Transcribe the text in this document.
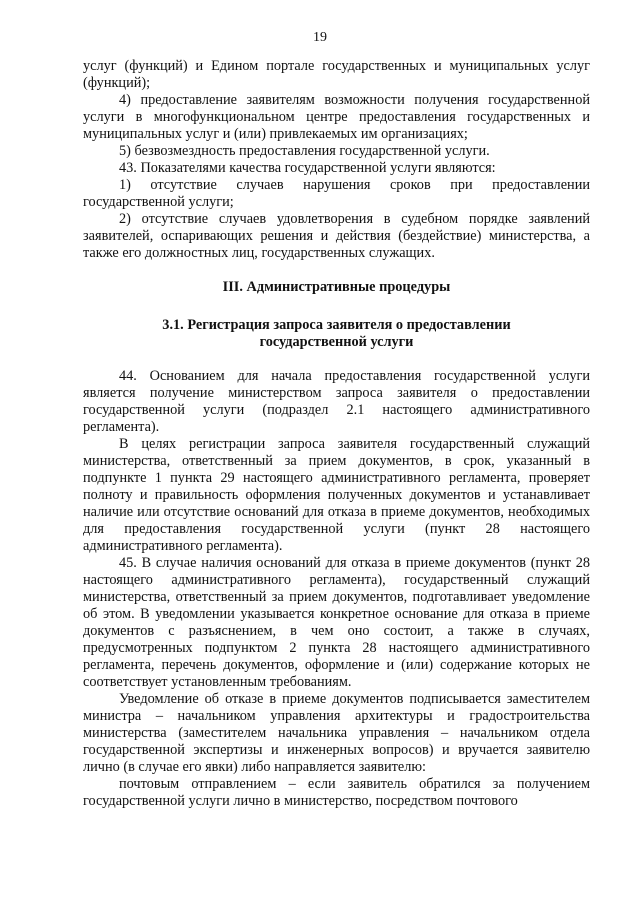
19

услуг (функций) и Едином портале государственных и муниципальных услуг (функций);

4) предоставление заявителям возможности получения государственной услуги в многофункциональном центре предоставления государственных и муниципальных услуг и (или) привлекаемых им организациях;

5) безвозмездность предоставления государственной услуги.

43. Показателями качества государственной услуги являются:

1) отсутствие случаев нарушения сроков при предоставлении государственной услуги;

2) отсутствие случаев удовлетворения в судебном порядке заявлений заявителей, оспаривающих решения и действия (бездействие) министерства, а также его должностных лиц, государственных служащих.

III. Административные процедуры

3.1. Регистрация запроса заявителя о предоставлении

государственной услуги

44. Основанием для начала предоставления государственной услуги является получение министерством запроса заявителя о предоставлении государственной услуги (подраздел 2.1 настоящего административного регламента).

В целях регистрации запроса заявителя государственный служащий министерства, ответственный за прием документов, в срок, указанный в подпункте 1 пункта 29 настоящего административного регламента, проверяет полноту и правильность оформления полученных документов и устанавливает наличие или отсутствие оснований для отказа в приеме документов, необходимых для предоставления государственной услуги (пункт 28 настоящего административного регламента).

45. В случае наличия оснований для отказа в приеме документов (пункт 28 настоящего административного регламента), государственный служащий министерства, ответственный за прием документов, подготавливает уведомление об этом. В уведомлении указывается конкретное основание для отказа в приеме документов с разъяснением, в чем оно состоит, а также в случаях, предусмотренных подпунктом 2 пункта 28 настоящего административного регламента, перечень документов, оформление и (или) содержание которых не соответствует установленным требованиям.

Уведомление об отказе в приеме документов подписывается заместителем министра – начальником управления архитектуры и градостроительства министерства (заместителем начальника управления – начальником отдела государственной экспертизы и инженерных вопросов) и вручается заявителю лично (в случае его явки) либо направляется заявителю:

почтовым отправлением – если заявитель обратился за получением государственной услуги лично в министерство, посредством почтового
